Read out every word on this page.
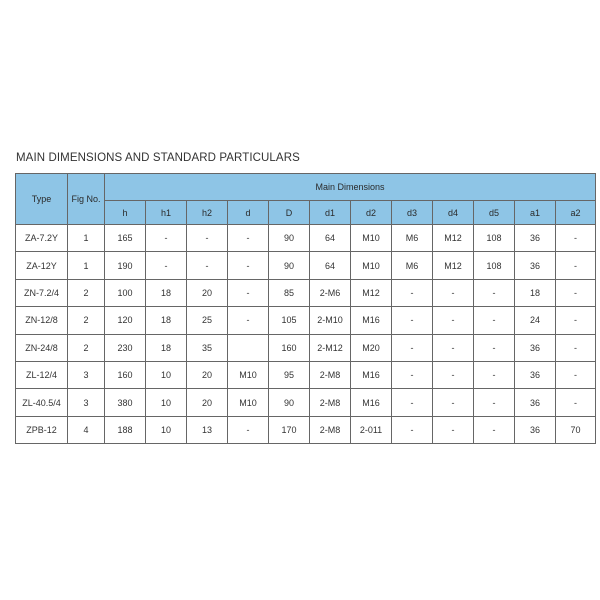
MAIN DIMENSIONS AND STANDARD PARTICULARS
Type	Fig No.	Main Dimensions											
		h	h1	h2	d	D	d1	d2	d3	d4	d5	a1	a2
ZA-7.2Y	1	165	-	-	-	90	64	M10	M6	M12	108	36	-
ZA-12Y	1	190	-	-	-	90	64	M10	M6	M12	108	36	-
ZN-7.2/4	2	100	18	20	-	85	2-M6	M12	-	-	-	18	-
ZN-12/8	2	120	18	25	-	105	2-M10	M16	-	-	-	24	-
ZN-24/8	2	230	18	35		160	2-M12	M20	-	-	-	36	-
ZL-12/4	3	160	10	20	M10	95	2-M8	M16	-	-	-	36	-
ZL-40.5/4	3	380	10	20	M10	90	2-M8	M16	-	-	-	36	-
ZPB-12	4	188	10	13	-	170	2-M8	2-011	-	-	-	36	70
